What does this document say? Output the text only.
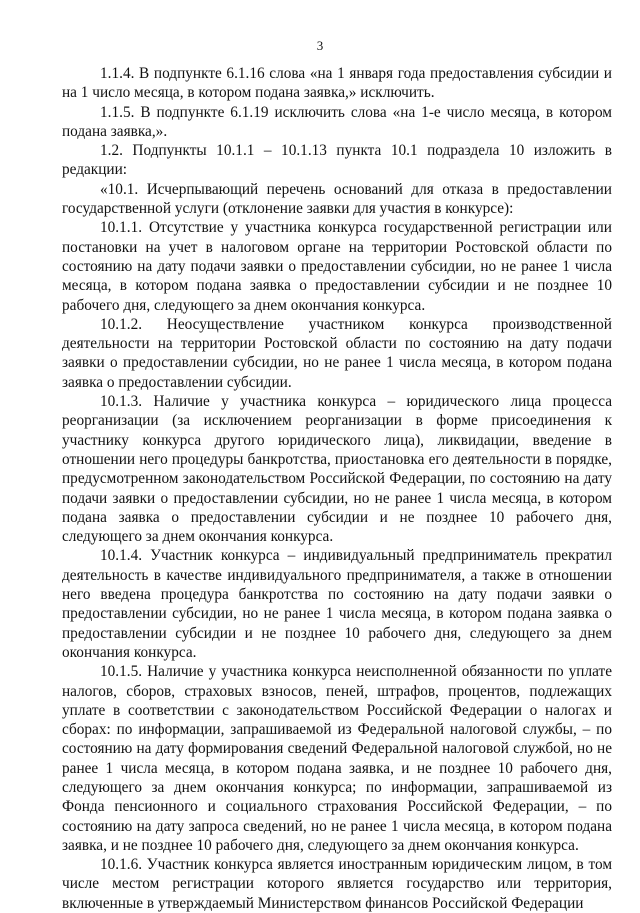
3

1.1.4. В подпункте 6.1.16 слова «на 1 января года предоставления субсидии и на 1 число месяца, в котором подана заявка,» исключить.

1.1.5. В подпункте 6.1.19 исключить слова «на 1-е число месяца, в котором подана заявка,».

1.2. Подпункты 10.1.1 – 10.1.13 пункта 10.1 подраздела 10 изложить в редакции:

«10.1. Исчерпывающий перечень оснований для отказа в предоставлении государственной услуги (отклонение заявки для участия в конкурсе):

10.1.1. Отсутствие у участника конкурса государственной регистрации или постановки на учет в налоговом органе на территории Ростовской области по состоянию на дату подачи заявки о предоставлении субсидии, но не ранее 1 числа месяца, в котором подана заявка о предоставлении субсидии и не позднее 10 рабочего дня, следующего за днем окончания конкурса.

10.1.2. Неосуществление участником конкурса производственной деятельности на территории Ростовской области по состоянию на дату подачи заявки о предоставлении субсидии, но не ранее 1 числа месяца, в котором подана заявка о предоставлении субсидии.

10.1.3. Наличие у участника конкурса – юридического лица процесса реорганизации (за исключением реорганизации в форме присоединения к участнику конкурса другого юридического лица), ликвидации, введение в отношении него процедуры банкротства, приостановка его деятельности в порядке, предусмотренном законодательством Российской Федерации, по состоянию на дату подачи заявки о предоставлении субсидии, но не ранее 1 числа месяца, в котором подана заявка о предоставлении субсидии и не позднее 10 рабочего дня, следующего за днем окончания конкурса.

10.1.4. Участник конкурса – индивидуальный предприниматель прекратил деятельность в качестве индивидуального предпринимателя, а также в отношении него введена процедура банкротства по состоянию на дату подачи заявки о предоставлении субсидии, но не ранее 1 числа месяца, в котором подана заявка о предоставлении субсидии и не позднее 10 рабочего дня, следующего за днем окончания конкурса.

10.1.5. Наличие у участника конкурса неисполненной обязанности по уплате налогов, сборов, страховых взносов, пеней, штрафов, процентов, подлежащих уплате в соответствии с законодательством Российской Федерации о налогах и сборах: по информации, запрашиваемой из Федеральной налоговой службы, – по состоянию на дату формирования сведений Федеральной налоговой службой, но не ранее 1 числа месяца, в котором подана заявка, и не позднее 10 рабочего дня, следующего за днем окончания конкурса; по информации, запрашиваемой из Фонда пенсионного и социального страхования Российской Федерации, – по состоянию на дату запроса сведений, но не ранее 1 числа месяца, в котором подана заявка, и не позднее 10 рабочего дня, следующего за днем окончания конкурса.

10.1.6. Участник конкурса является иностранным юридическим лицом, в том числе местом регистрации которого является государство или территория, включенные в утверждаемый Министерством финансов Российской Федерации
